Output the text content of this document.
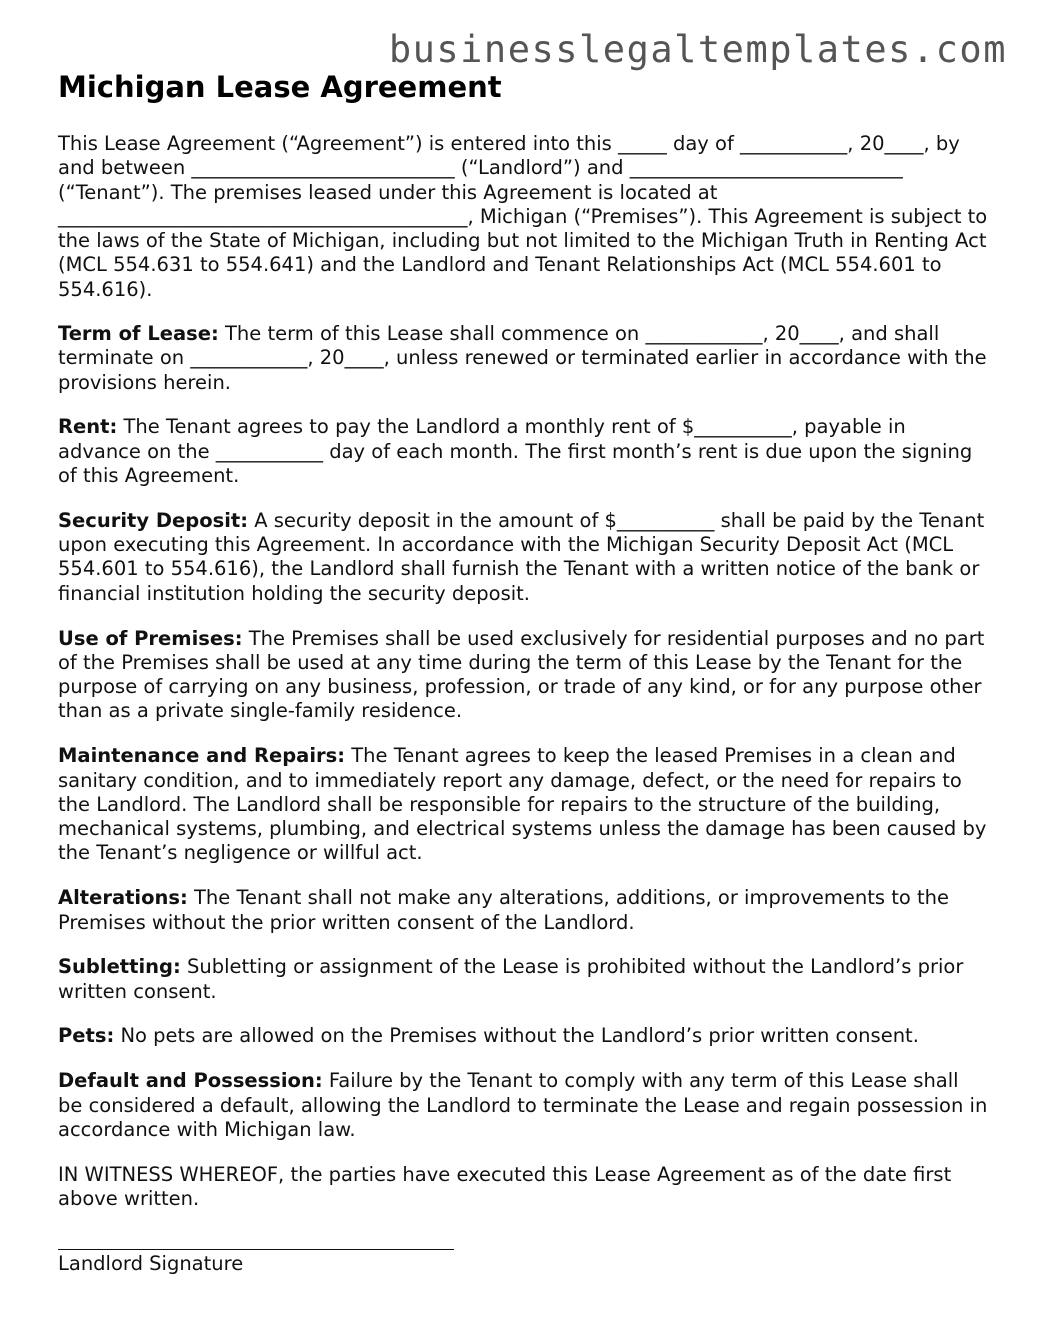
businesslegaltemplates.com
Michigan Lease Agreement

This Lease Agreement (“Agreement”) is entered into this _____ day of ___________, 20____, by and between ___________________________ (“Landlord”) and ____________________________ (“Tenant”). The premises leased under this Agreement is located at __________________________________________, Michigan (“Premises”). This Agreement is subject to the laws of the State of Michigan, including but not limited to the Michigan Truth in Renting Act (MCL 554.631 to 554.641) and the Landlord and Tenant Relationships Act (MCL 554.601 to 554.616).

Term of Lease: The term of this Lease shall commence on ____________, 20____, and shall terminate on ____________, 20____, unless renewed or terminated earlier in accordance with the provisions herein.

Rent: The Tenant agrees to pay the Landlord a monthly rent of $__________, payable in advance on the ___________ day of each month. The first month’s rent is due upon the signing of this Agreement.

Security Deposit: A security deposit in the amount of $__________ shall be paid by the Tenant upon executing this Agreement. In accordance with the Michigan Security Deposit Act (MCL 554.601 to 554.616), the Landlord shall furnish the Tenant with a written notice of the bank or financial institution holding the security deposit.

Use of Premises: The Premises shall be used exclusively for residential purposes and no part of the Premises shall be used at any time during the term of this Lease by the Tenant for the purpose of carrying on any business, profession, or trade of any kind, or for any purpose other than as a private single-family residence.

Maintenance and Repairs: The Tenant agrees to keep the leased Premises in a clean and sanitary condition, and to immediately report any damage, defect, or the need for repairs to the Landlord. The Landlord shall be responsible for repairs to the structure of the building, mechanical systems, plumbing, and electrical systems unless the damage has been caused by the Tenant’s negligence or willful act.

Alterations: The Tenant shall not make any alterations, additions, or improvements to the Premises without the prior written consent of the Landlord.

Subletting: Subletting or assignment of the Lease is prohibited without the Landlord’s prior written consent.

Pets: No pets are allowed on the Premises without the Landlord’s prior written consent.

Default and Possession: Failure by the Tenant to comply with any term of this Lease shall be considered a default, allowing the Landlord to terminate the Lease and regain possession in accordance with Michigan law.

IN WITNESS WHEREOF, the parties have executed this Lease Agreement as of the date first above written.

Landlord Signature
